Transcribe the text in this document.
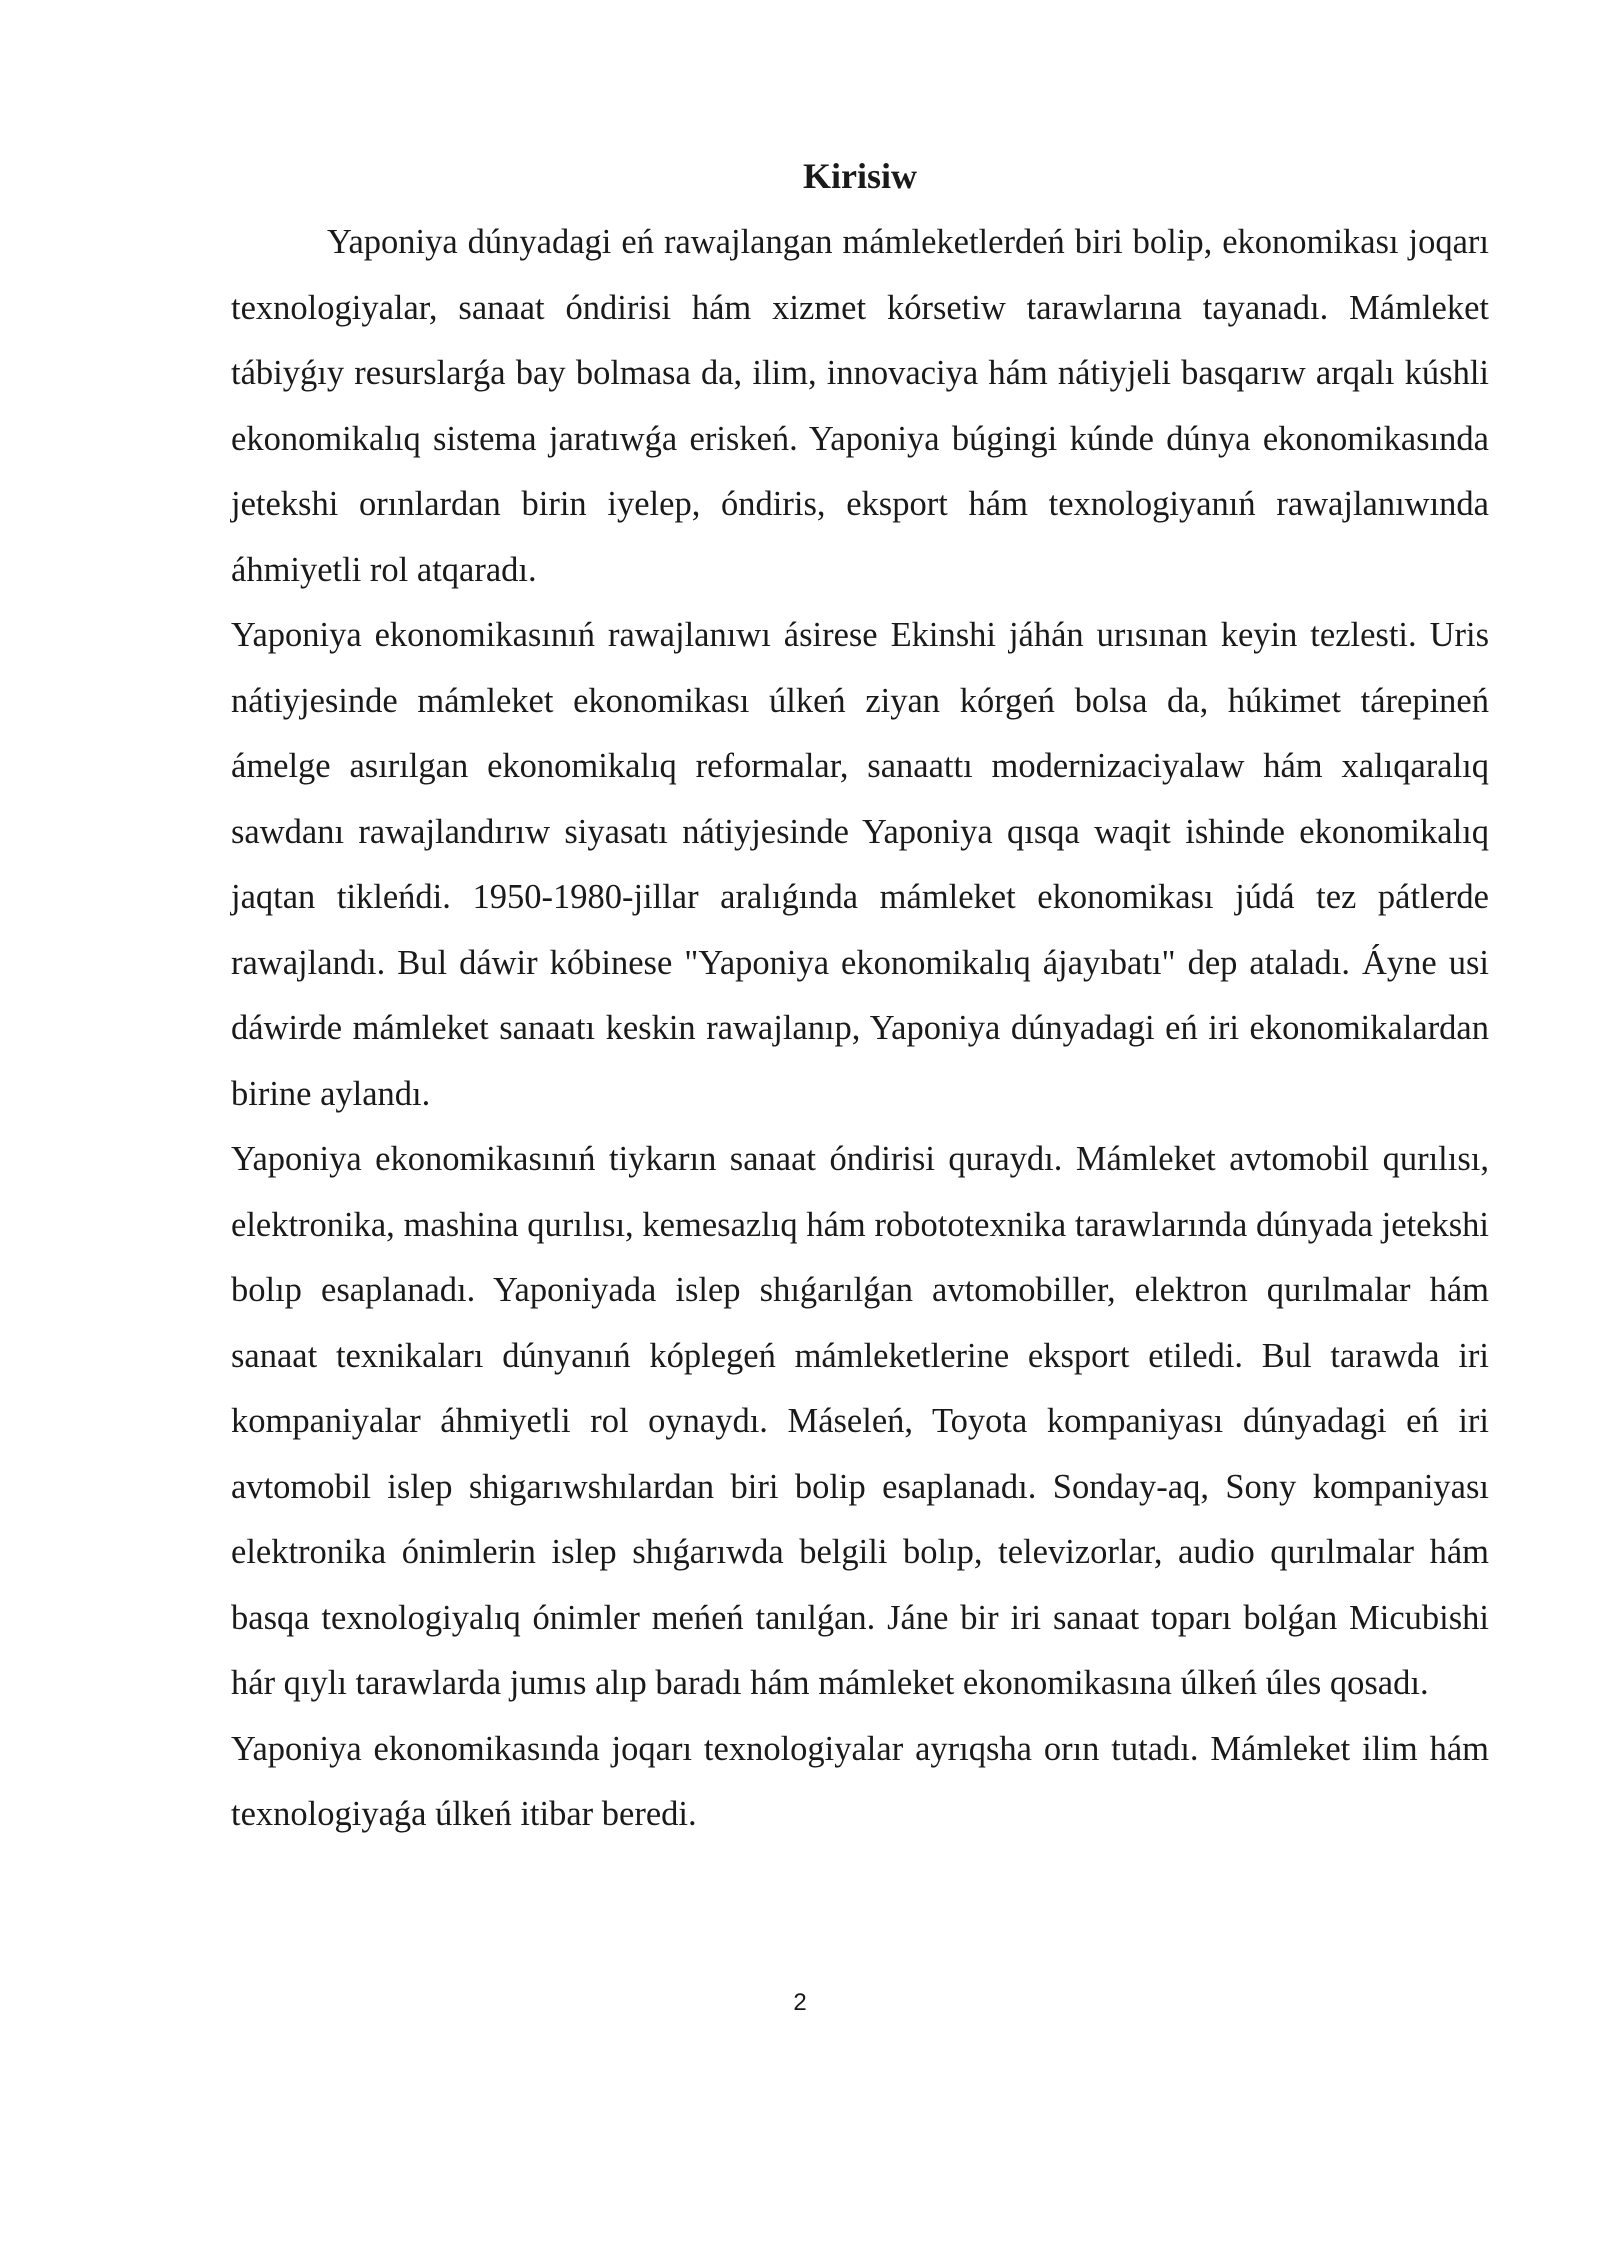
Kirisiw

Yaponiya dúnyadagi eń rawajlangan mámleketlerdeń biri bolip, ekonomikası joqarı texnologiyalar, sanaat óndirisi hám xizmet kórsetiw tarawlarına tayanadı. Mámleket tábiyǵıy resurslarǵa bay bolmasa da, ilim, innovaciya hám nátiyjeli basqarıw arqalı kúshli ekonomikalıq sistema jaratıwǵa eriskeń. Yaponiya búgingi kúnde dúnya ekonomikasında jetekshi orınlardan birin iyelep, óndiris, eksport hám texnologiyanıń rawajlanıwında áhmiyetli rol atqaradı.

Yaponiya ekonomikasınıń rawajlanıwı ásirese Ekinshi jáhán urısınan keyin tezlesti. Uris nátiyjesinde mámleket ekonomikası úlkeń ziyan kórgeń bolsa da, húkimet tárepineń ámelge asırılgan ekonomikalıq reformalar, sanaattı modernizaciyalaw hám xalıqaralıq sawdanı rawajlandırıw siyasatı nátiyjesinde Yaponiya qısqa waqit ishinde ekonomikalıq jaqtan tikleńdi. 1950-1980-jillar aralıǵında mámleket ekonomikası júdá tez pátlerde rawajlandı. Bul dáwir kóbinese "Yaponiya ekonomikalıq ájayıbatı" dep ataladı. Áyne usi dáwirde mámleket sanaatı keskin rawajlanıp, Yaponiya dúnyadagi eń iri ekonomikalardan birine aylandı.

Yaponiya ekonomikasınıń tiykarın sanaat óndirisi quraydı. Mámleket avtomobil qurılısı, elektronika, mashina qurılısı, kemesazlıq hám robototexnika tarawlarında dúnyada jetekshi bolıp esaplanadı. Yaponiyada islep shıǵarılǵan avtomobiller, elektron qurılmalar hám sanaat texnikaları dúnyanıń kóplegeń mámleketlerine eksport etiledi. Bul tarawda iri kompaniyalar áhmiyetli rol oynaydı. Máseleń, Toyota kompaniyası dúnyadagi eń iri avtomobil islep shigarıwshılardan biri bolip esaplanadı. Sonday-aq, Sony kompaniyası elektronika ónimlerin islep shıǵarıwda belgili bolıp, televizorlar, audio qurılmalar hám basqa texnologiyalıq ónimler meńeń tanılǵan. Jáne bir iri sanaat toparı bolǵan Micubishi hár qıylı tarawlarda jumıs alıp baradı hám mámleket ekonomikasına úlkeń úles qosadı.

Yaponiya ekonomikasında joqarı texnologiyalar ayrıqsha orın tutadı. Mámleket ilim hám texnologiyaǵa úlkeń itibar beredi.

2
